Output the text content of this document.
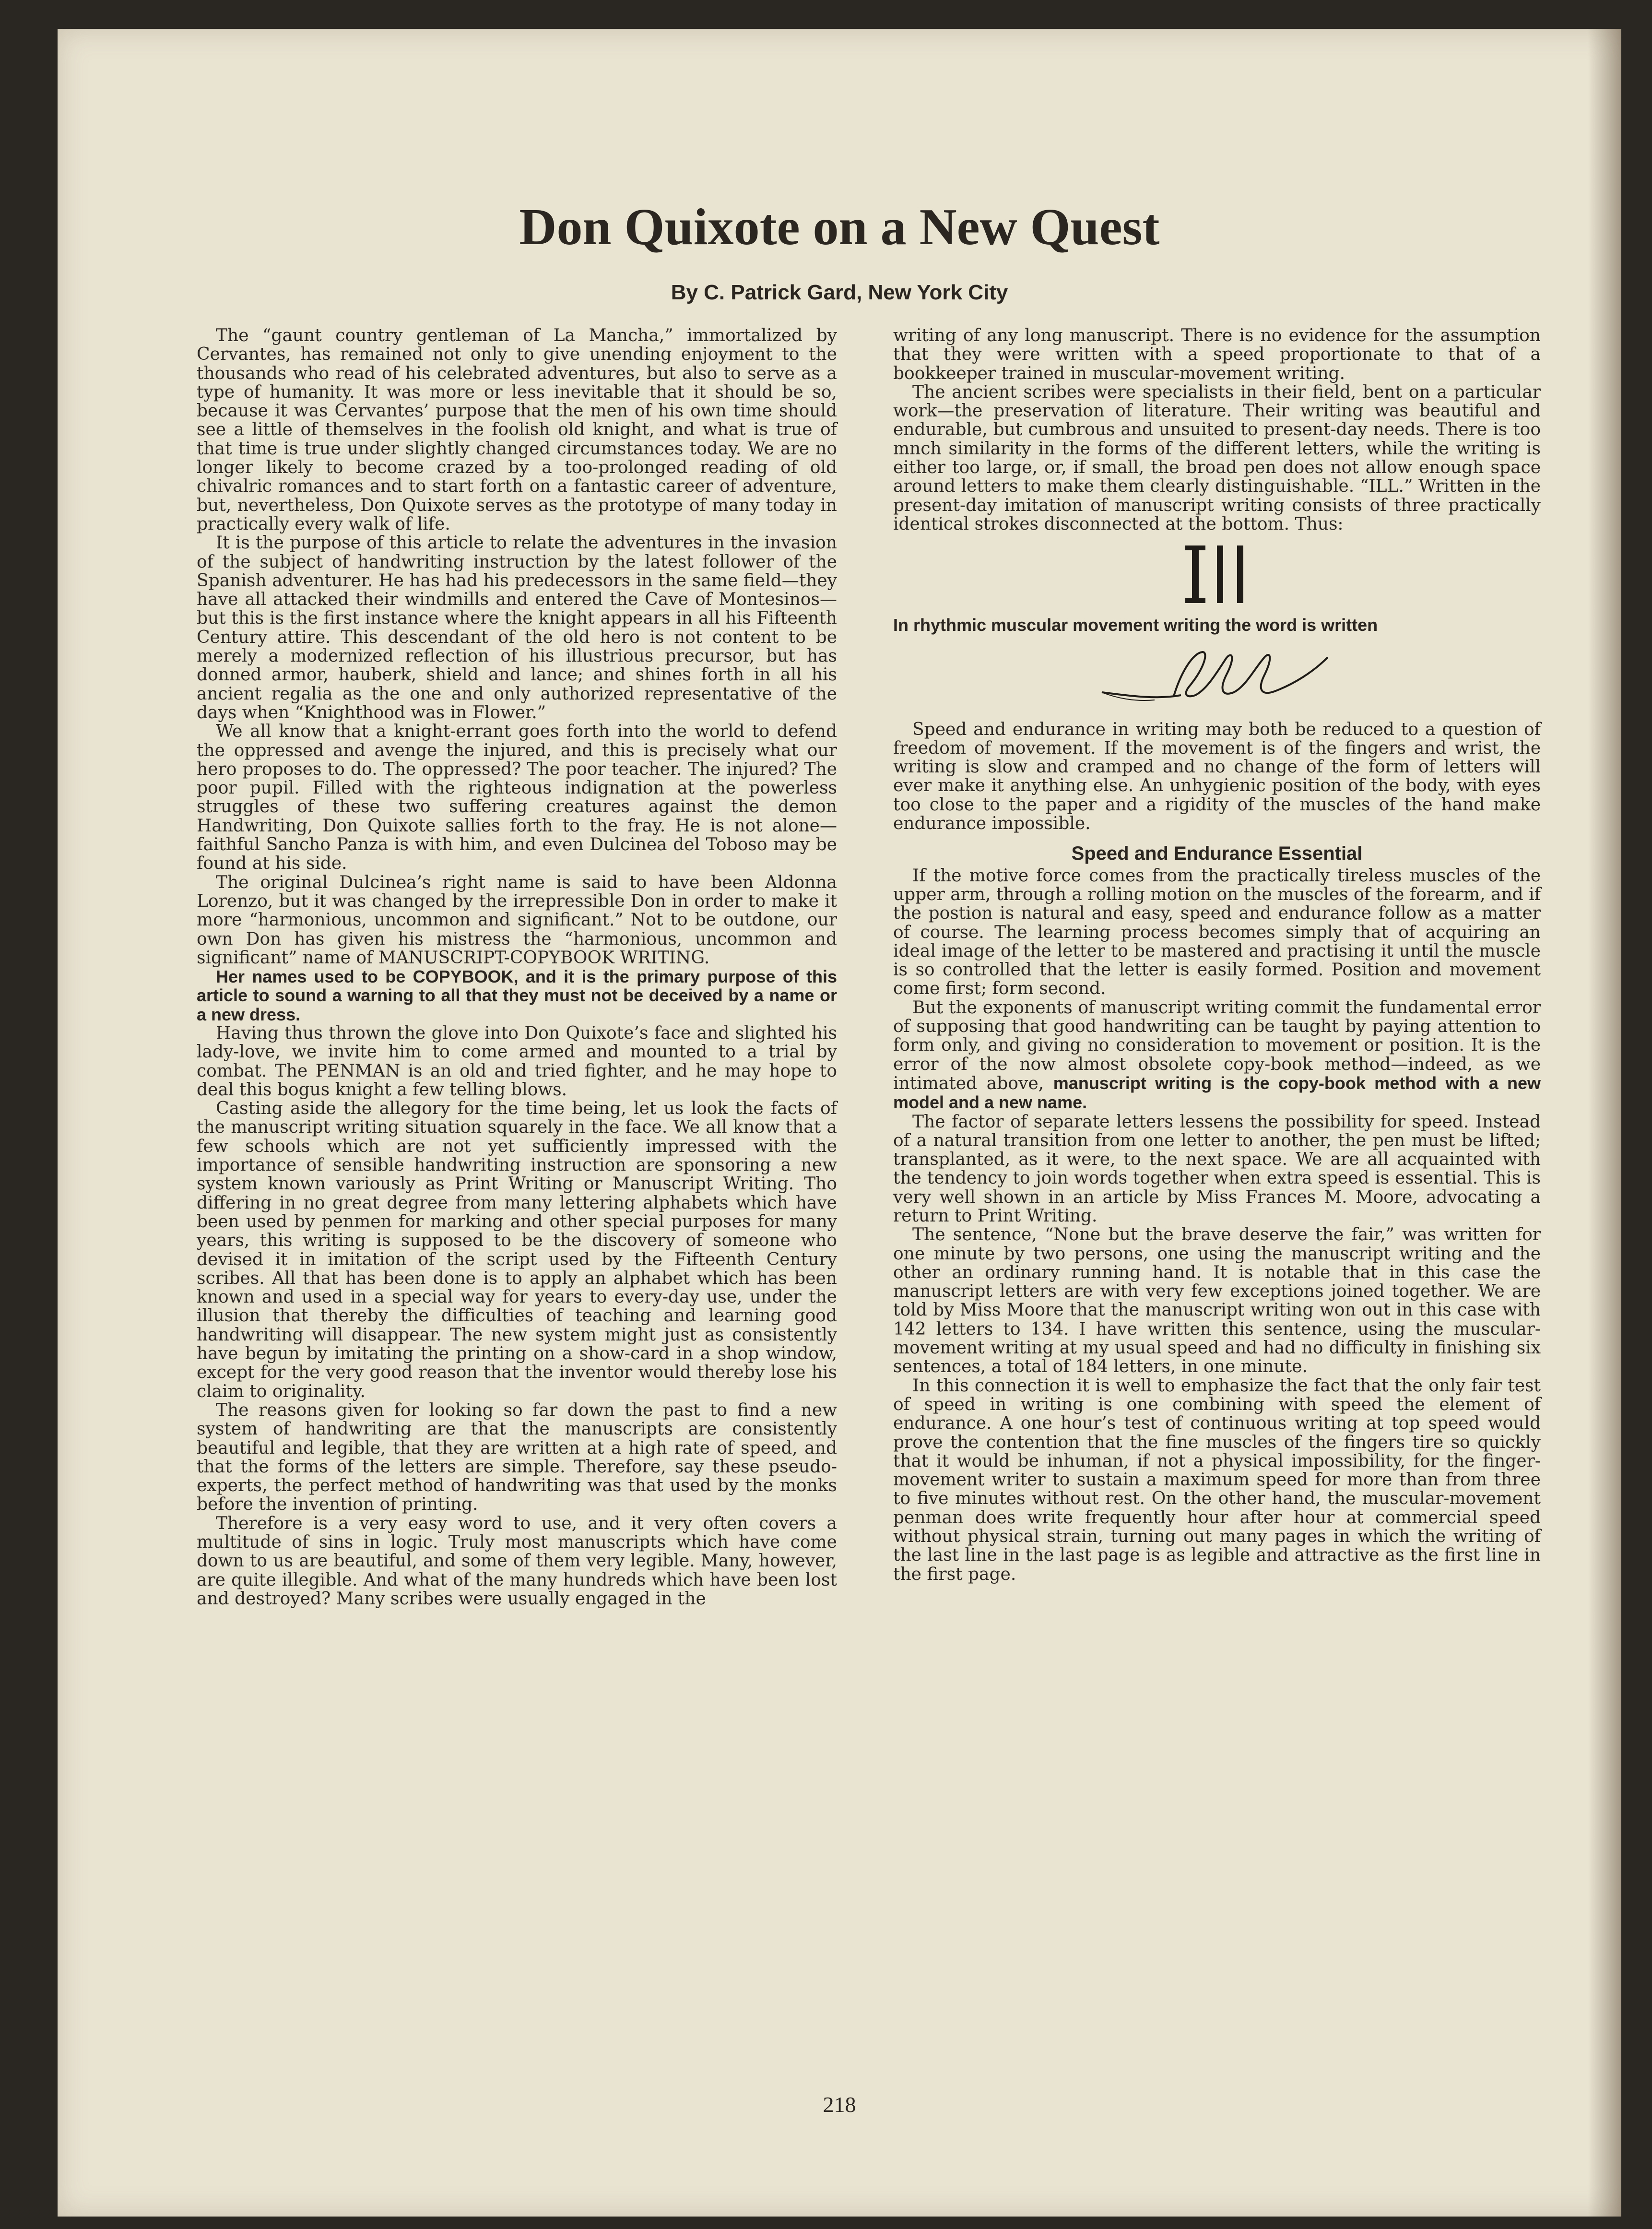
Don Quixote on a New Quest
By C. Patrick Gard, New York City

The “gaunt country gentleman of La Mancha,” immortalized by Cervantes, has remained not only to give unending enjoyment to the thousands who read of his celebrated adventures, but also to serve as a type of humanity. It was more or less inevitable that it should be so, because it was Cervantes’ purpose that the men of his own time should see a little of themselves in the foolish old knight, and what is true of that time is true under slightly changed circumstances today. We are no longer likely to become crazed by a too-prolonged reading of old chivalric romances and to start forth on a fantastic career of adventure, but, nevertheless, Don Quixote serves as the prototype of many today in practically every walk of life.

It is the purpose of this article to relate the adventures in the invasion of the subject of handwriting instruction by the latest follower of the Spanish adventurer. He has had his predecessors in the same field—they have all attacked their windmills and entered the Cave of Montesinos—but this is the first instance where the knight appears in all his Fifteenth Century attire. This descendant of the old hero is not content to be merely a modernized reflection of his illustrious precursor, but has donned armor, hauberk, shield and lance; and shines forth in all his ancient regalia as the one and only authorized representative of the days when “Knighthood was in Flower.”

We all know that a knight-errant goes forth into the world to defend the oppressed and avenge the injured, and this is precisely what our hero proposes to do. The oppressed? The poor teacher. The injured? The poor pupil. Filled with the righteous indignation at the powerless struggles of these two suffering creatures against the demon Handwriting, Don Quixote sallies forth to the fray. He is not alone—faithful Sancho Panza is with him, and even Dulcinea del Toboso may be found at his side.

The original Dulcinea’s right name is said to have been Aldonna Lorenzo, but it was changed by the irrepressible Don in order to make it more “harmonious, uncommon and significant.” Not to be outdone, our own Don has given his mistress the “harmonious, uncommon and significant” name of MANUSCRIPT-COPYBOOK WRITING.

Her names used to be COPYBOOK, and it is the primary purpose of this article to sound a warning to all that they must not be deceived by a name or a new dress.

Having thus thrown the glove into Don Quixote’s face and slighted his lady-love, we invite him to come armed and mounted to a trial by combat. The PENMAN is an old and tried fighter, and he may hope to deal this bogus knight a few telling blows.

Casting aside the allegory for the time being, let us look the facts of the manuscript writing situation squarely in the face. We all know that a few schools which are not yet sufficiently impressed with the importance of sensible handwriting instruction are sponsoring a new system known variously as Print Writing or Manuscript Writing. Tho differing in no great degree from many lettering alphabets which have been used by penmen for marking and other special purposes for many years, this writing is supposed to be the discovery of someone who devised it in imitation of the script used by the Fifteenth Century scribes. All that has been done is to apply an alphabet which has been known and used in a special way for years to every-day use, under the illusion that thereby the difficulties of teaching and learning good handwriting will disappear. The new system might just as consistently have begun by imitating the printing on a show-card in a shop window, except for the very good reason that the inventor would thereby lose his claim to originality.

The reasons given for looking so far down the past to find a new system of handwriting are that the manuscripts are consistently beautiful and legible, that they are written at a high rate of speed, and that the forms of the letters are simple. Therefore, say these pseudo-experts, the perfect method of handwriting was that used by the monks before the invention of printing.

Therefore is a very easy word to use, and it very often covers a multitude of sins in logic. Truly most manuscripts which have come down to us are beautiful, and some of them very legible. Many, however, are quite illegible. And what of the many hundreds which have been lost and destroyed? Many scribes were usually engaged in the

writing of any long manuscript. There is no evidence for the assumption that they were written with a speed proportionate to that of a bookkeeper trained in muscular-movement writing.

The ancient scribes were specialists in their field, bent on a particular work—the preservation of literature. Their writing was beautiful and endurable, but cumbrous and unsuited to present-day needs. There is too mnch similarity in the forms of the different letters, while the writing is either too large, or, if small, the broad pen does not allow enough space around letters to make them clearly distinguishable. “ILL.” Written in the present-day imitation of manuscript writing consists of three practically identical strokes disconnected at the bottom. Thus:

In rhythmic muscular movement writing the word is written

Speed and endurance in writing may both be reduced to a question of freedom of movement. If the movement is of the fingers and wrist, the writing is slow and cramped and no change of the form of letters will ever make it anything else. An unhygienic position of the body, with eyes too close to the paper and a rigidity of the muscles of the hand make endurance impossible.

Speed and Endurance Essential

If the motive force comes from the practically tireless muscles of the upper arm, through a rolling motion on the muscles of the forearm, and if the postion is natural and easy, speed and endurance follow as a matter of course. The learning process becomes simply that of acquiring an ideal image of the letter to be mastered and practising it until the muscle is so controlled that the letter is easily formed. Position and movement come first; form second.

But the exponents of manuscript writing commit the fundamental error of supposing that good handwriting can be taught by paying attention to form only, and giving no consideration to movement or position. It is the error of the now almost obsolete copy-book method—indeed, as we intimated above, manuscript writing is the copy-book method with a new model and a new name.

The factor of separate letters lessens the possibility for speed. Instead of a natural transition from one letter to another, the pen must be lifted; transplanted, as it were, to the next space. We are all acquainted with the tendency to join words together when extra speed is essential. This is very well shown in an article by Miss Frances M. Moore, advocating a return to Print Writing.

The sentence, “None but the brave deserve the fair,” was written for one minute by two persons, one using the manuscript writing and the other an ordinary running hand. It is notable that in this case the manuscript letters are with very few exceptions joined together. We are told by Miss Moore that the manuscript writing won out in this case with 142 letters to 134. I have written this sentence, using the muscular-movement writing at my usual speed and had no difficulty in finishing six sentences, a total of 184 letters, in one minute.

In this connection it is well to emphasize the fact that the only fair test of speed in writing is one combining with speed the element of endurance. A one hour’s test of continuous writing at top speed would prove the contention that the fine muscles of the fingers tire so quickly that it would be inhuman, if not a physical impossibility, for the finger-movement writer to sustain a maximum speed for more than from three to five minutes without rest. On the other hand, the muscular-movement penman does write frequently hour after hour at commercial speed without physical strain, turning out many pages in which the writing of the last line in the last page is as legible and attractive as the first line in the first page.

218
